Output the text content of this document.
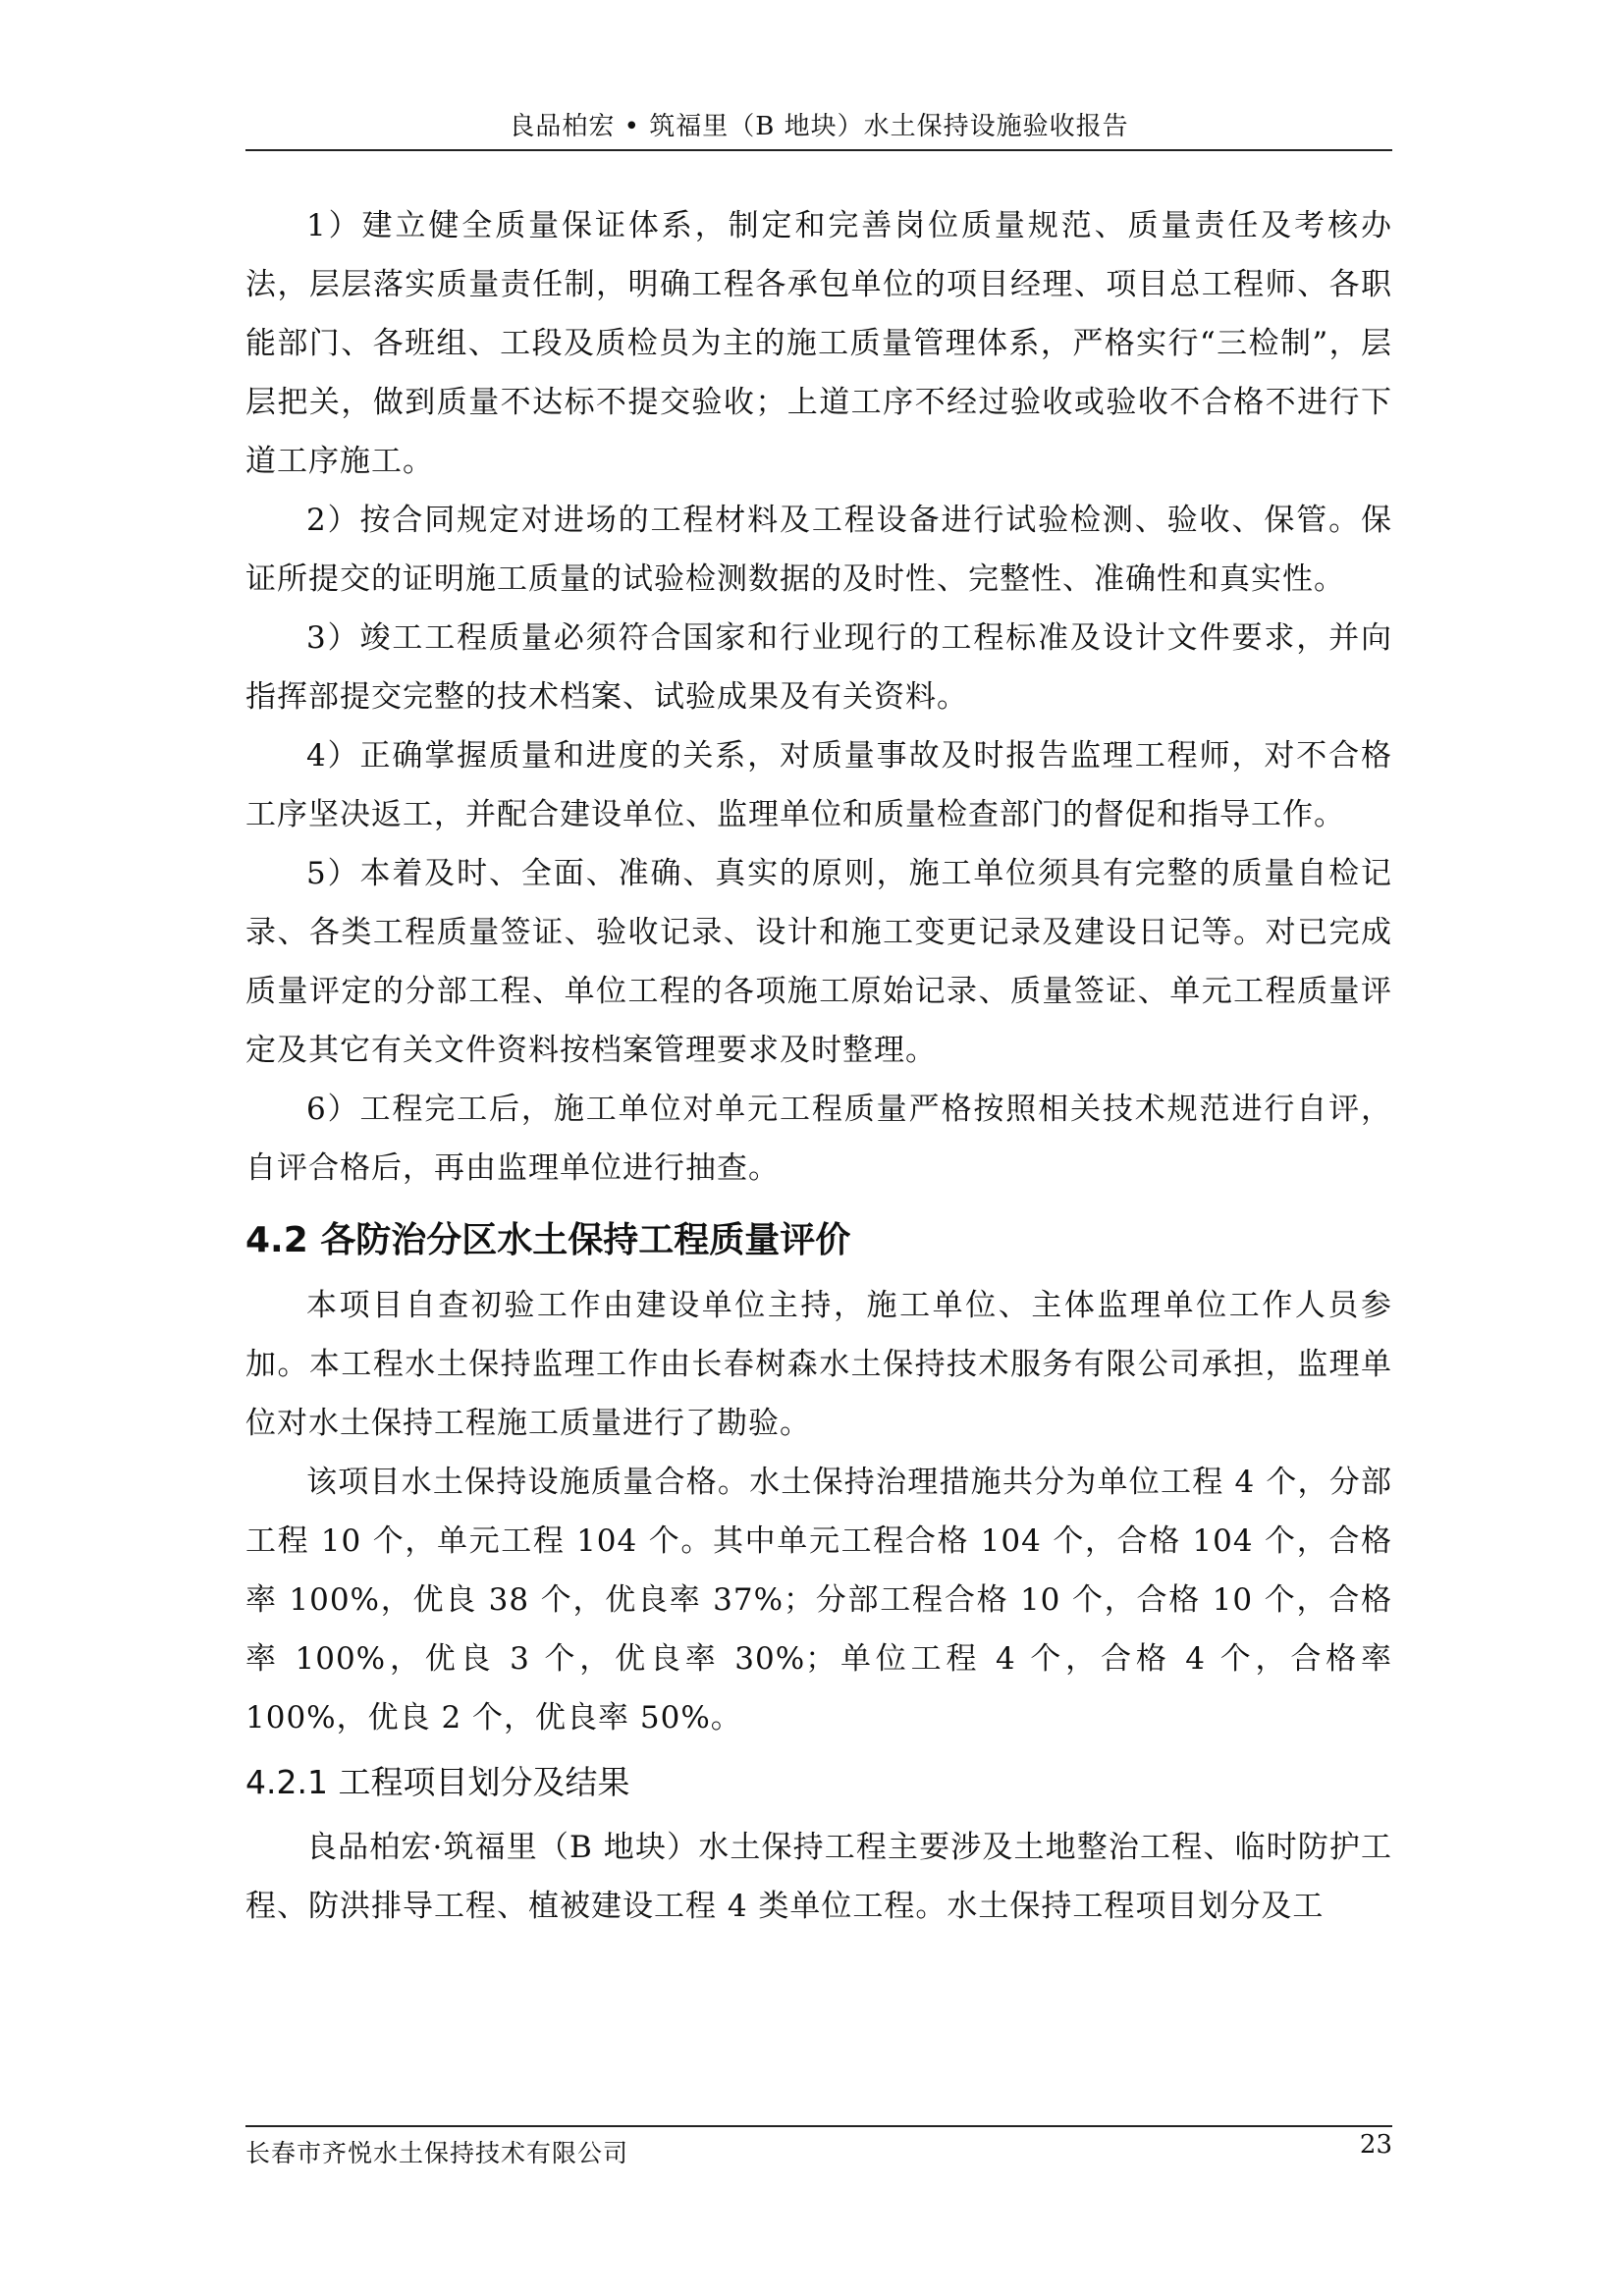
良品柏宏 • 筑福里（B 地块）水土保持设施验收报告

1）建立健全质量保证体系，制定和完善岗位质量规范、质量责任及考核办法，层层落实质量责任制，明确工程各承包单位的项目经理、项目总工程师、各职能部门、各班组、工段及质检员为主的施工质量管理体系，严格实行“三检制”，层层把关，做到质量不达标不提交验收；上道工序不经过验收或验收不合格不进行下道工序施工。

2）按合同规定对进场的工程材料及工程设备进行试验检测、验收、保管。保证所提交的证明施工质量的试验检测数据的及时性、完整性、准确性和真实性。

3）竣工工程质量必须符合国家和行业现行的工程标准及设计文件要求，并向指挥部提交完整的技术档案、试验成果及有关资料。

4）正确掌握质量和进度的关系，对质量事故及时报告监理工程师，对不合格工序坚决返工，并配合建设单位、监理单位和质量检查部门的督促和指导工作。

5）本着及时、全面、准确、真实的原则，施工单位须具有完整的质量自检记录、各类工程质量签证、验收记录、设计和施工变更记录及建设日记等。对已完成质量评定的分部工程、单位工程的各项施工原始记录、质量签证、单元工程质量评定及其它有关文件资料按档案管理要求及时整理。

6）工程完工后，施工单位对单元工程质量严格按照相关技术规范进行自评，自评合格后，再由监理单位进行抽查。

4.2 各防治分区水土保持工程质量评价

本项目自查初验工作由建设单位主持，施工单位、主体监理单位工作人员参加。本工程水土保持监理工作由长春树森水土保持技术服务有限公司承担，监理单位对水土保持工程施工质量进行了勘验。

该项目水土保持设施质量合格。水土保持治理措施共分为单位工程 4 个，分部工程 10 个，单元工程 104 个。其中单元工程合格 104 个，合格 104 个，合格率 100%，优良 38 个，优良率 37%；分部工程合格 10 个，合格 10 个，合格率 100%，优良 3 个，优良率 30%；单位工程 4 个，合格 4 个，合格率 100%，优良 2 个，优良率 50%。

4.2.1 工程项目划分及结果

良品柏宏·筑福里（B 地块）水土保持工程主要涉及土地整治工程、临时防护工程、防洪排导工程、植被建设工程 4 类单位工程。水土保持工程项目划分及工

长春市齐悦水土保持技术有限公司	23
